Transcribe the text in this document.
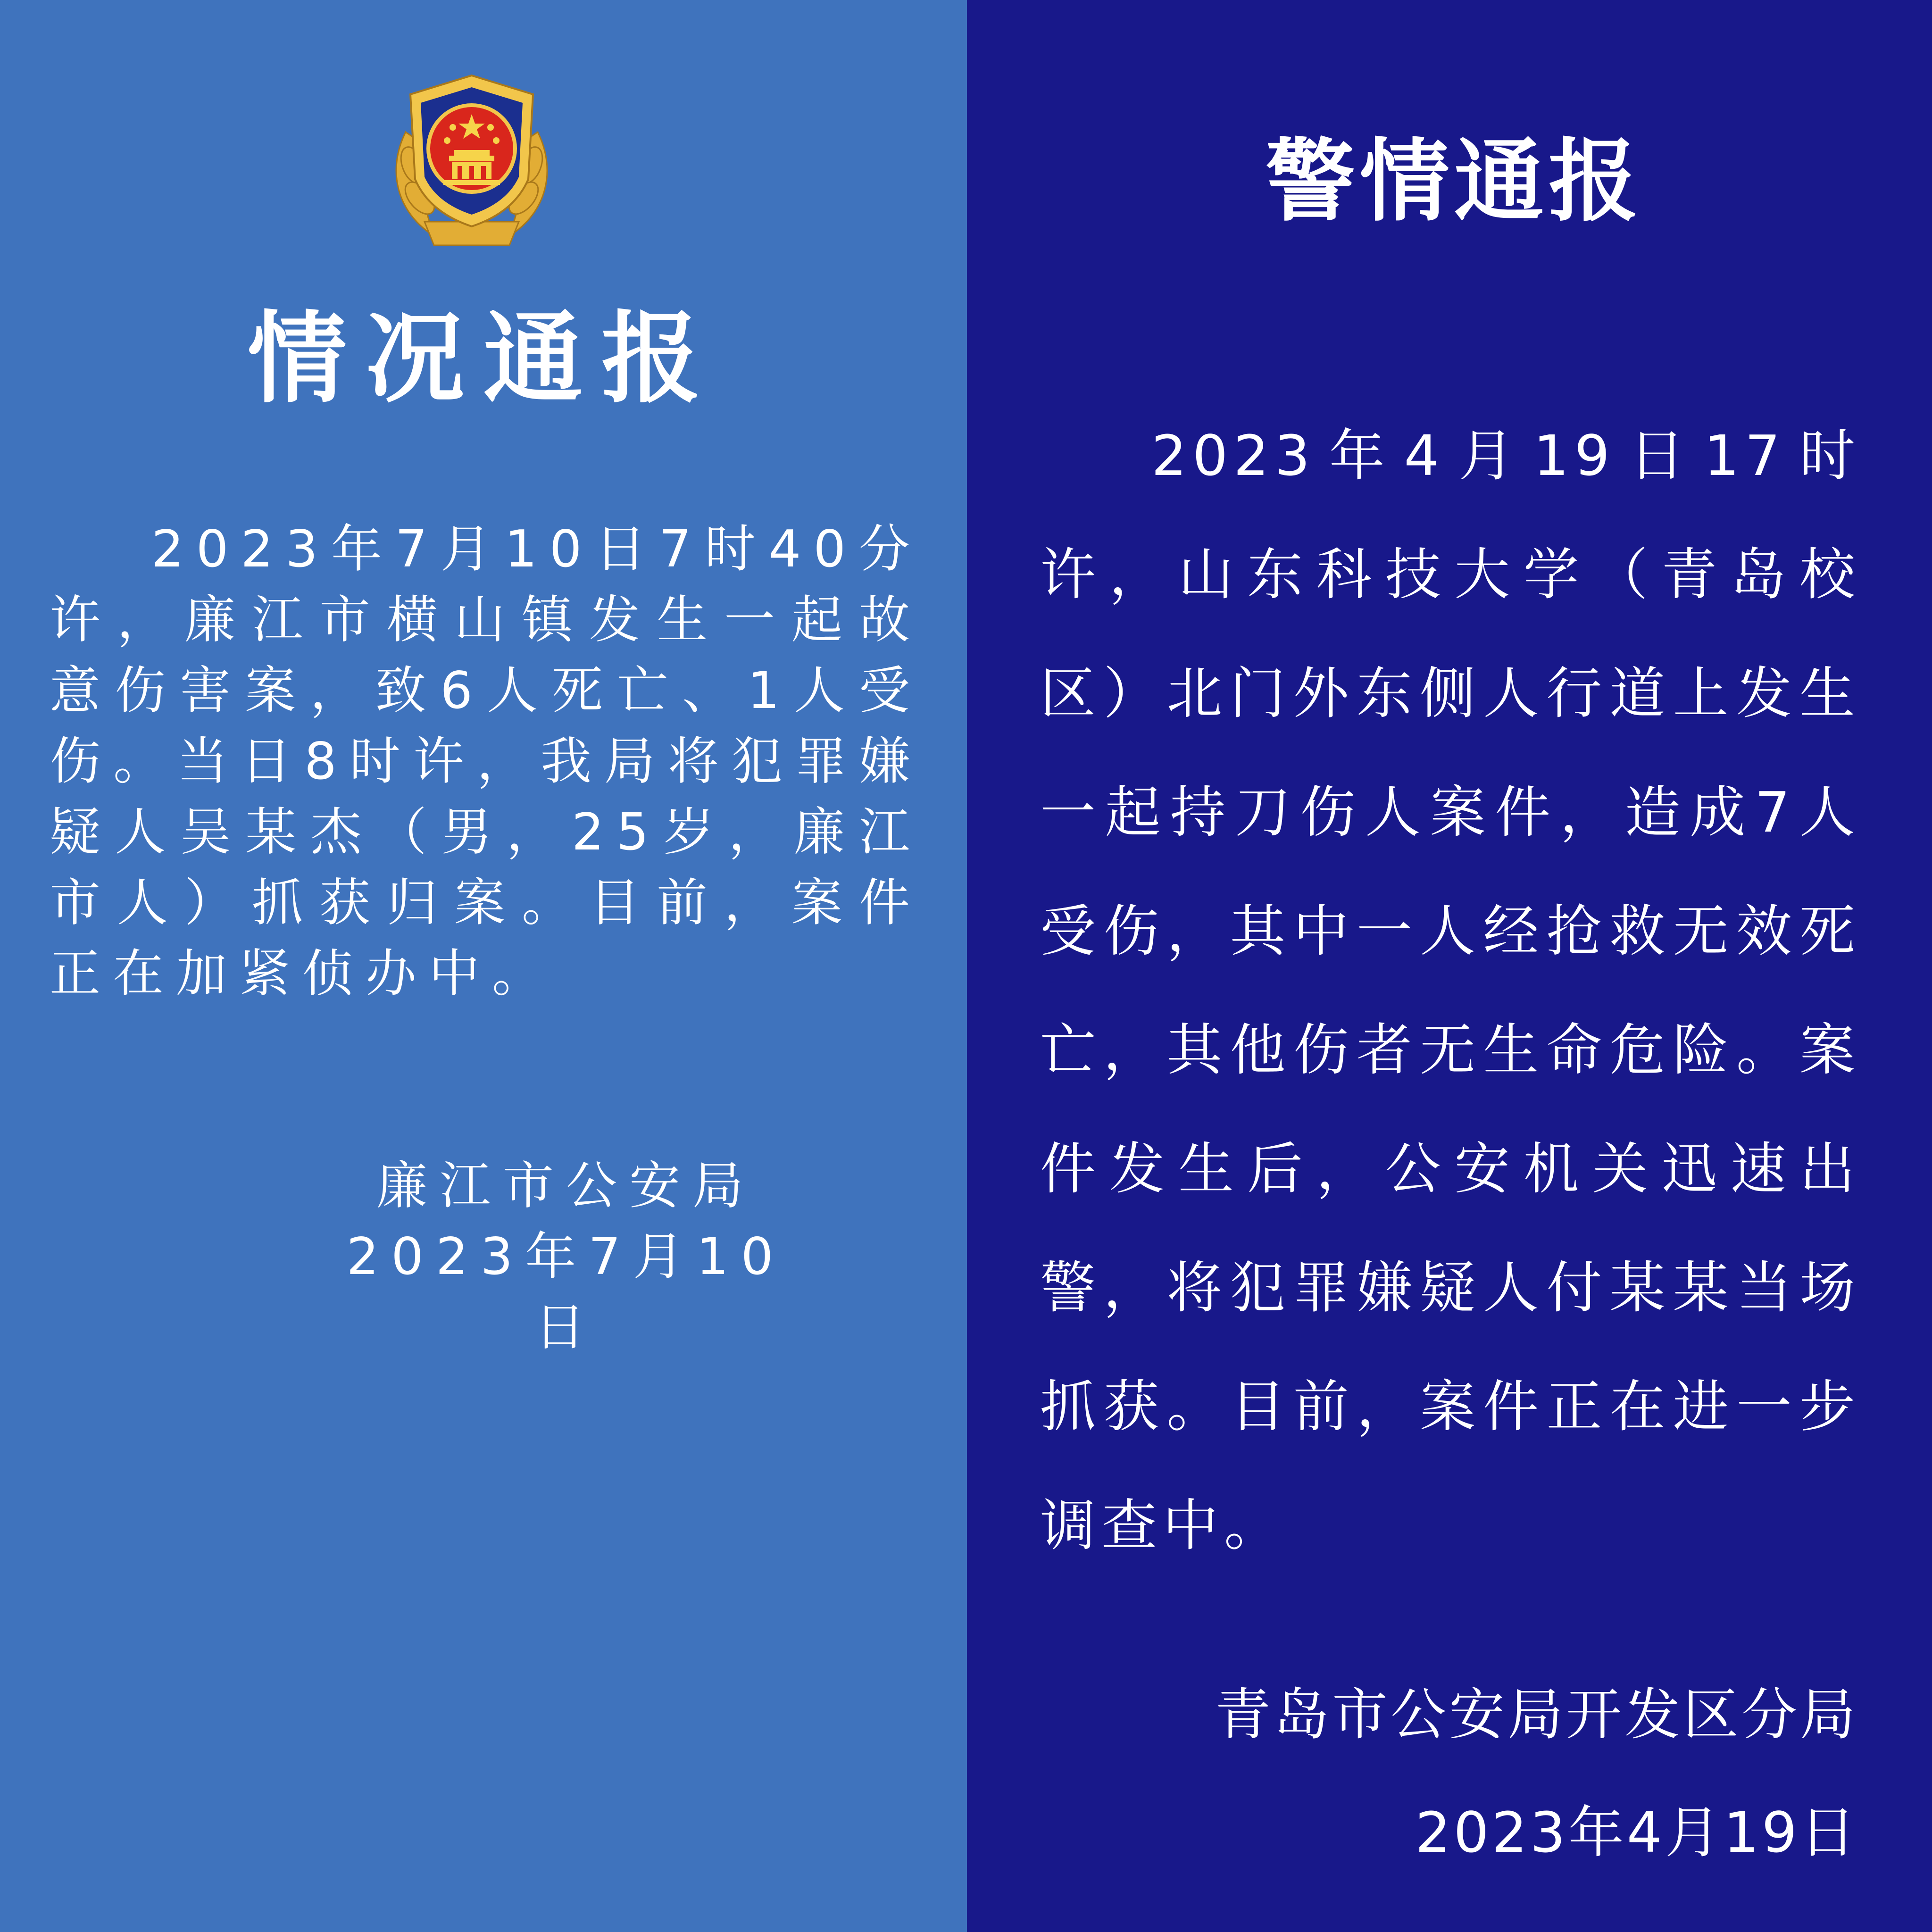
情况通报
2023年7月10日7时40分许，廉江市横山镇发生一起故意伤害案，致6人死亡、1人受伤。当日8时许，我局将犯罪嫌疑人吴某杰（男，25岁，廉江市人）抓获归案。目前，案件正在加紧侦办中。
廉江市公安局
2023年7月10日
警情通报
2023年4月19日17时许，山东科技大学（青岛校区）北门外东侧人行道上发生一起持刀伤人案件，造成7人受伤，其中一人经抢救无效死亡，其他伤者无生命危险。案件发生后，公安机关迅速出警，将犯罪嫌疑人付某某当场抓获。目前，案件正在进一步调查中。
青岛市公安局开发区分局
2023年4月19日
